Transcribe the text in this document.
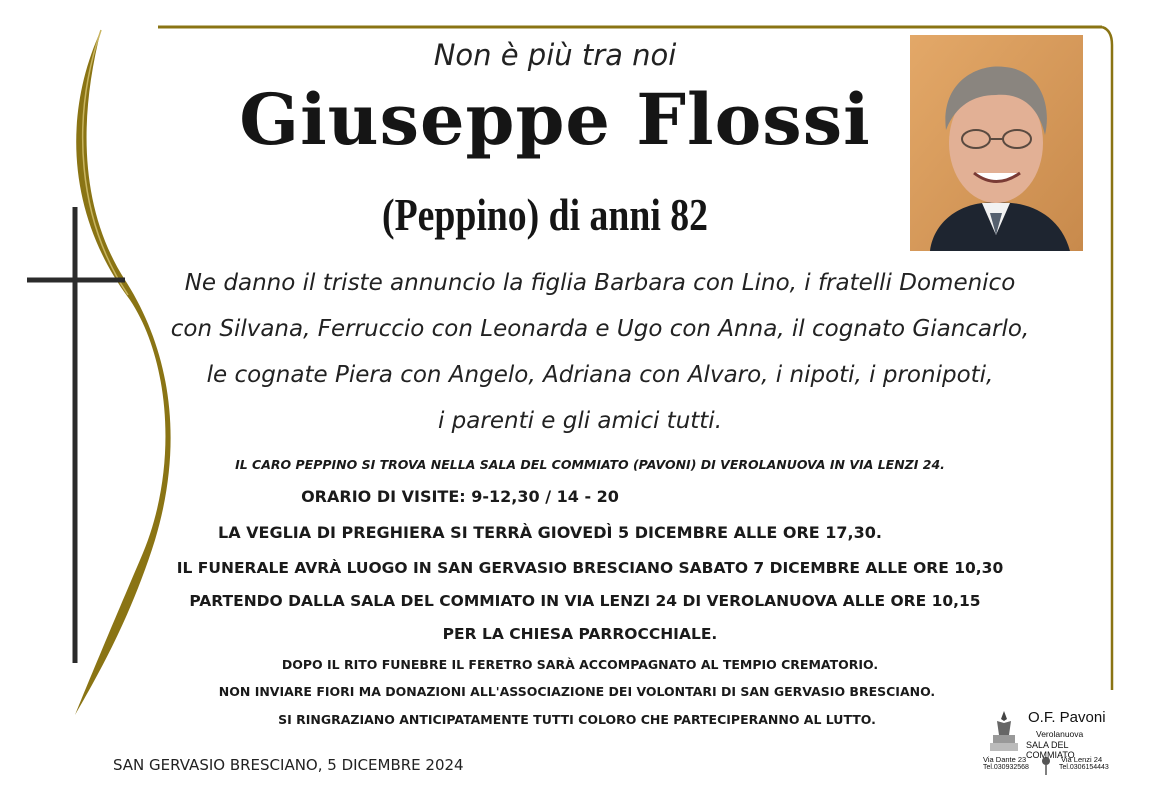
Non è più tra noi
Giuseppe Flossi
(Peppino) di anni 82
Ne danno il triste annuncio la figlia Barbara con Lino, i fratelli Domenico
con Silvana, Ferruccio con Leonarda e Ugo con Anna, il cognato Giancarlo,
le cognate Piera con Angelo, Adriana con Alvaro, i nipoti, i pronipoti,
i parenti e gli amici tutti.
IL CARO PEPPINO SI TROVA NELLA SALA DEL COMMIATO (PAVONI) DI VEROLANUOVA IN VIA LENZI 24.
ORARIO DI VISITE: 9-12,30 / 14 - 20
LA VEGLIA DI PREGHIERA SI TERRÀ GIOVEDÌ 5 DICEMBRE ALLE ORE 17,30.
IL FUNERALE AVRÀ LUOGO IN SAN GERVASIO BRESCIANO SABATO 7 DICEMBRE ALLE ORE 10,30
PARTENDO DALLA SALA DEL COMMIATO IN VIA LENZI 24 DI VEROLANUOVA ALLE ORE 10,15
PER LA CHIESA PARROCCHIALE.
DOPO IL RITO FUNEBRE IL FERETRO SARÀ ACCOMPAGNATO AL TEMPIO CREMATORIO.
NON INVIARE FIORI MA DONAZIONI ALL'ASSOCIAZIONE DEI VOLONTARI DI SAN GERVASIO BRESCIANO.
SI RINGRAZIANO ANTICIPATAMENTE TUTTI COLORO CHE PARTECIPERANNO AL LUTTO.
SAN GERVASIO BRESCIANO, 5 DICEMBRE 2024
O.F. Pavoni
Verolanuova
SALA DEL COMMIATO
Via Dante 23
Tel.030932568
Via Lenzi 24
Tel.0306154443
